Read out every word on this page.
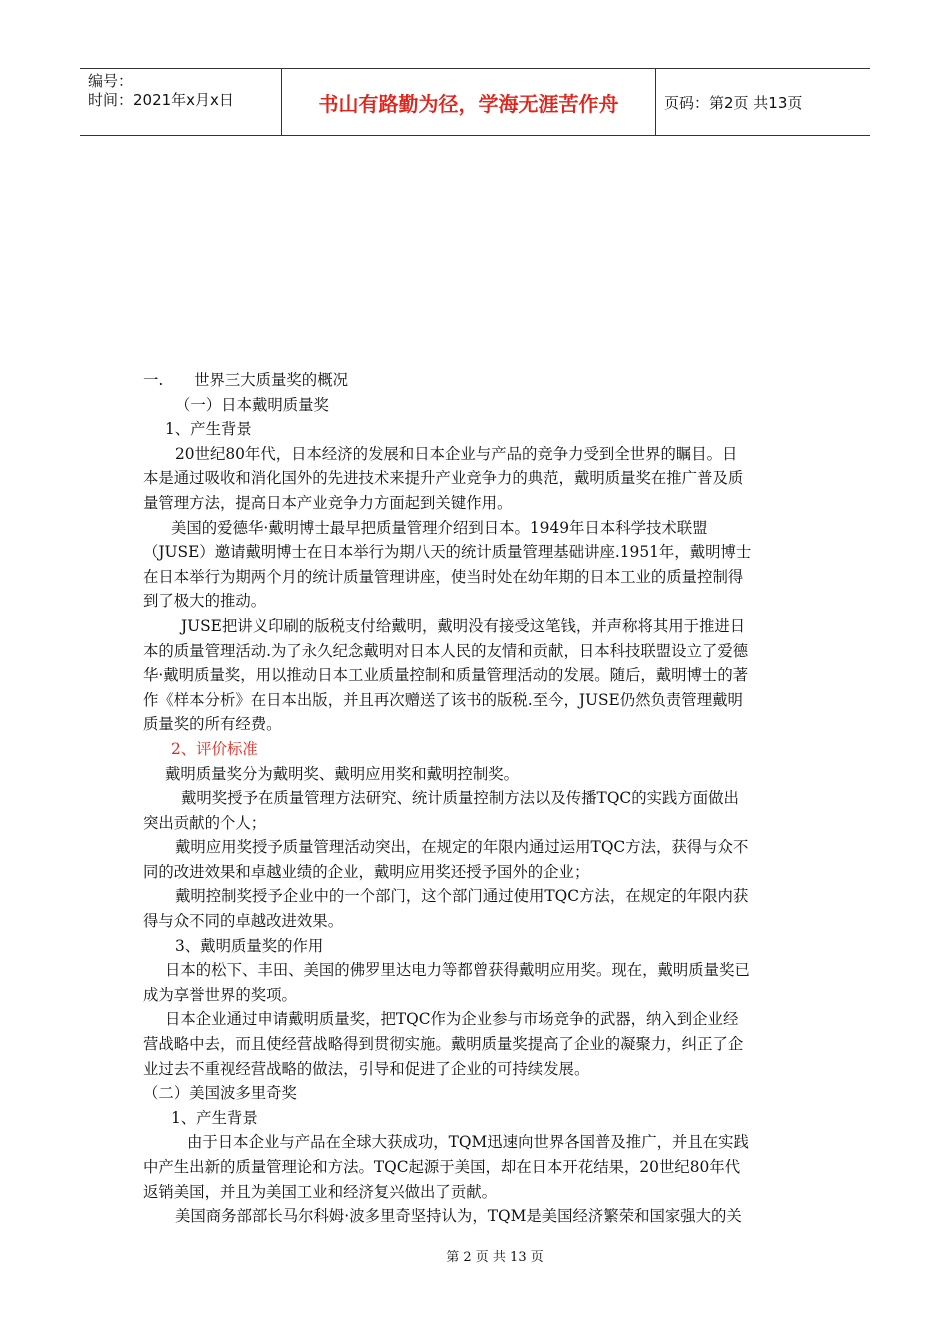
编号：
时间：2021年x月x日	书山有路勤为径，学海无涯苦作舟	页码：第2页 共13页
一.　　世界三大质量奖的概况
（一）日本戴明质量奖
1、产生背景
20世纪80年代，日本经济的发展和日本企业与产品的竞争力受到全世界的瞩目。日
本是通过吸收和消化国外的先进技术来提升产业竞争力的典范，戴明质量奖在推广普及质
量管理方法，提高日本产业竞争力方面起到关键作用。
美国的爱德华·戴明博士最早把质量管理介绍到日本。1949年日本科学技术联盟
（JUSE）邀请戴明博士在日本举行为期八天的统计质量管理基础讲座.1951年，戴明博士
在日本举行为期两个月的统计质量管理讲座，使当时处在幼年期的日本工业的质量控制得
到了极大的推动。
JUSE把讲义印刷的版税支付给戴明，戴明没有接受这笔钱，并声称将其用于推进日
本的质量管理活动.为了永久纪念戴明对日本人民的友情和贡献，日本科技联盟设立了爱德
华·戴明质量奖，用以推动日本工业质量控制和质量管理活动的发展。随后，戴明博士的著
作《样本分析》在日本出版，并且再次赠送了该书的版税.至今，JUSE仍然负责管理戴明
质量奖的所有经费。
2、评价标准
戴明质量奖分为戴明奖、戴明应用奖和戴明控制奖。
戴明奖授予在质量管理方法研究、统计质量控制方法以及传播TQC的实践方面做出
突出贡献的个人；
戴明应用奖授予质量管理活动突出，在规定的年限内通过运用TQC方法，获得与众不
同的改进效果和卓越业绩的企业，戴明应用奖还授予国外的企业；
戴明控制奖授予企业中的一个部门，这个部门通过使用TQC方法，在规定的年限内获
得与众不同的卓越改进效果。
3、戴明质量奖的作用
日本的松下、丰田、美国的佛罗里达电力等都曾获得戴明应用奖。现在，戴明质量奖已
成为享誉世界的奖项。
日本企业通过申请戴明质量奖，把TQC作为企业参与市场竞争的武器，纳入到企业经
营战略中去，而且使经营战略得到贯彻实施。戴明质量奖提高了企业的凝聚力，纠正了企
业过去不重视经营战略的做法，引导和促进了企业的可持续发展。
（二）美国波多里奇奖
1、产生背景
由于日本企业与产品在全球大获成功，TQM迅速向世界各国普及推广，并且在实践
中产生出新的质量管理论和方法。TQC起源于美国，却在日本开花结果，20世纪80年代
返销美国，并且为美国工业和经济复兴做出了贡献。
美国商务部部长马尔科姆·波多里奇坚持认为，TQM是美国经济繁荣和国家强大的关
第 2 页 共 13 页
